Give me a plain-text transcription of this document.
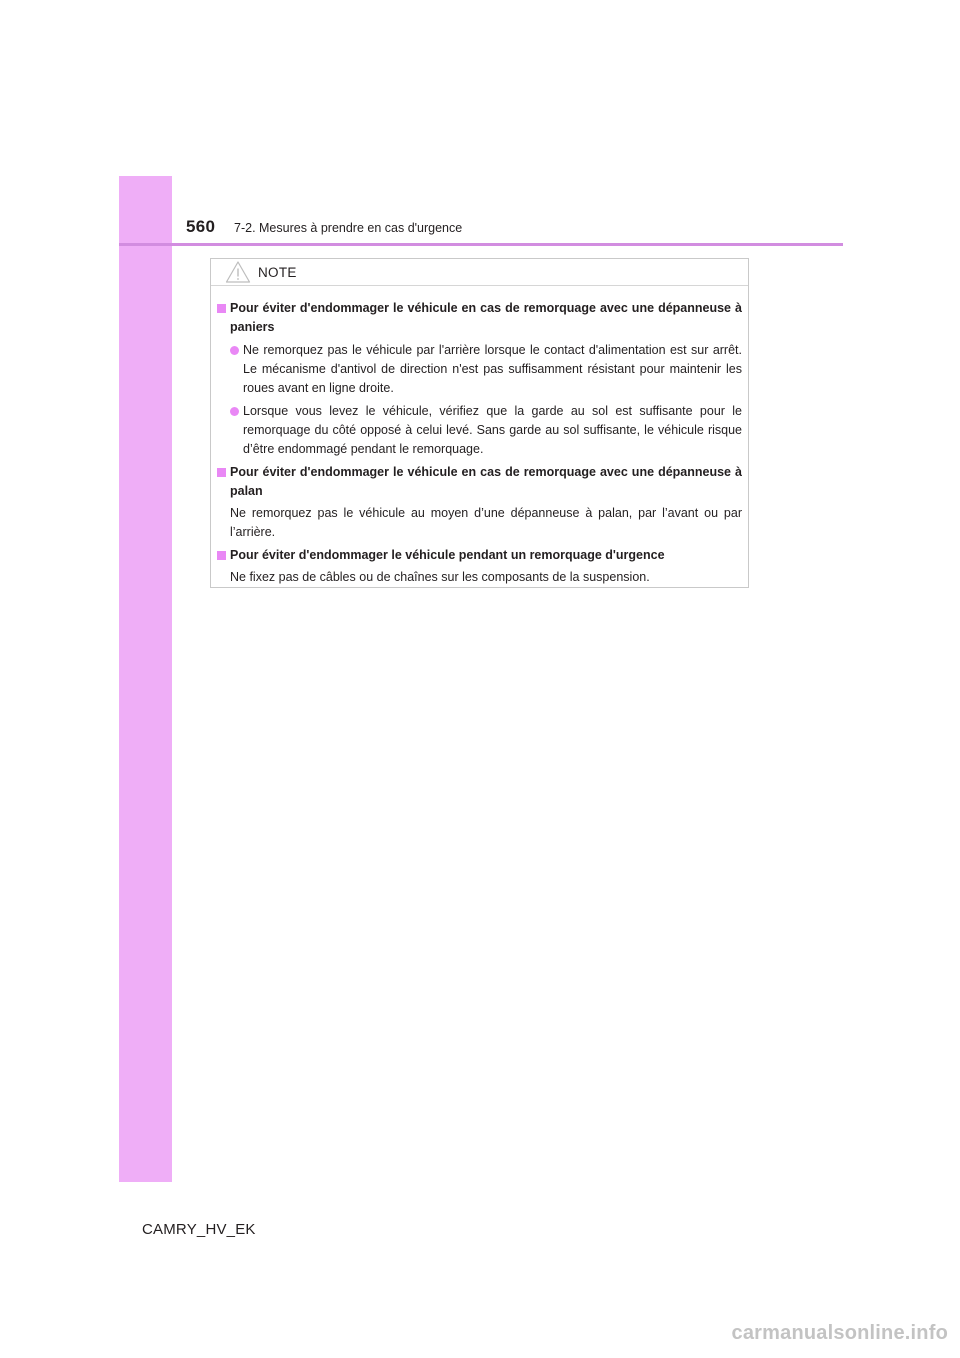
560 7-2. Mesures à prendre en cas d'urgence
NOTE
Pour éviter d'endommager le véhicule en cas de remorquage avec une dépanneuse à paniers
Ne remorquez pas le véhicule par l'arrière lorsque le contact d'alimentation est sur arrêt. Le mécanisme d'antivol de direction n'est pas suffisamment résistant pour maintenir les roues avant en ligne droite.
Lorsque vous levez le véhicule, vérifiez que la garde au sol est suffisante pour le remorquage du côté opposé à celui levé. Sans garde au sol suffisante, le véhicule risque d’être endommagé pendant le remorquage.
Pour éviter d'endommager le véhicule en cas de remorquage avec une dépanneuse à palan
Ne remorquez pas le véhicule au moyen d’une dépanneuse à palan, par l’avant ou par l’arrière.
Pour éviter d'endommager le véhicule pendant un remorquage d'urgence
Ne fixez pas de câbles ou de chaînes sur les composants de la suspension.
CAMRY_HV_EK
carmanualsonline.info
